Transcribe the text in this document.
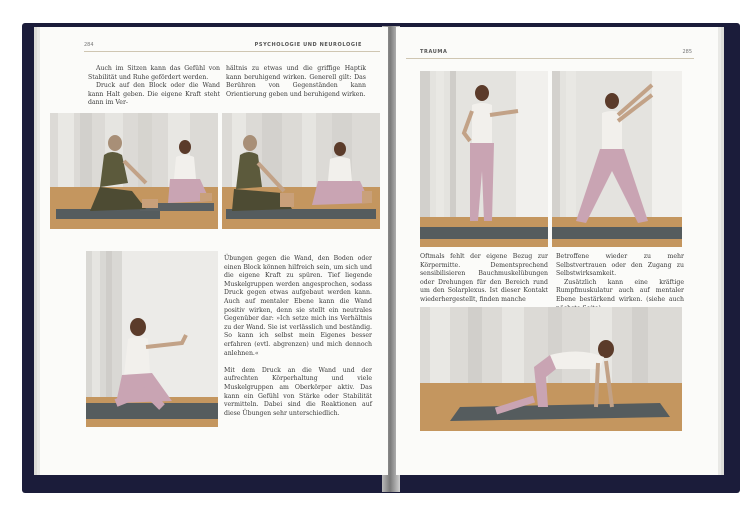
284	PSYCHOLOGIE UND NEUROLOGIE

Auch im Sitzen kann das Gefühl von Stabilität und Ruhe gefördert werden.

Druck auf den Block oder die Wand kann Halt geben. Die eigene Kraft steht dann im Ver-

hältnis zu etwas und die griffige Haptik kann beruhigend wirken. Generell gilt: Das Berühren von Gegenständen kann Orientierung geben und beruhigend wirken.

Übungen gegen die Wand, den Boden oder einen Block können hilfreich sein, um sich und die eigene Kraft zu spüren. Tief liegende Muskelgruppen werden angesprochen, sodass Druck gegen etwas aufgebaut werden kann. Auch auf mentaler Ebene kann die Wand positiv wirken, denn sie stellt ein neutrales Gegenüber dar: »Ich setze mich ins Verhältnis zu der Wand. Sie ist verlässlich und beständig. So kann ich selbst mein Eigenes besser erfahren (evtl. abgrenzen) und mich dennoch anlehnen.«

Mit dem Druck an die Wand und der aufrechten Körperhaltung und viele Muskelgruppen am Oberkörper aktiv. Das kann ein Gefühl von Stärke oder Stabilität vermitteln. Dabei sind die Reaktionen auf diese Übungen sehr unterschiedlich.

TRAUMA	285

Oftmals fehlt der eigene Bezug zur Körpermitte. Dementsprechend sensibilisieren Bauchmuskelübungen oder Drehungen für den Bereich rund um den Solarplexus. Ist dieser Kontakt wiederhergestellt, finden manche

Betroffene wieder zu mehr Selbstvertrauen oder den Zugang zu Selbstwirksamkeit.

Zusätzlich kann eine kräftige Rumpfmuskulatur auch auf mentaler Ebene bestärkend wirken. (siehe auch
